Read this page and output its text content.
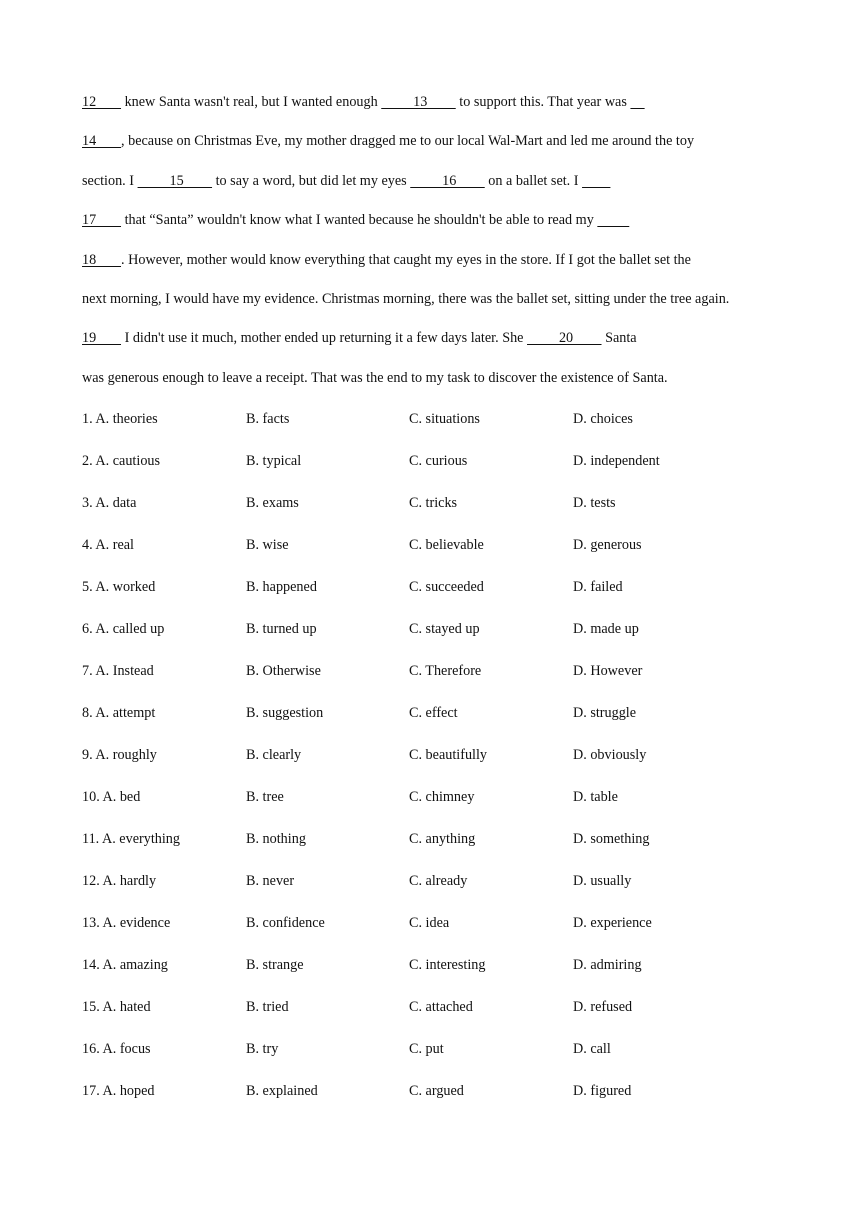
12        knew Santa wasn't real, but I wanted enough          13         to support this. That year was
14       , because on Christmas Eve, my mother dragged me to our local Wal-Mart and led me around the toy
section. I          15         to say a word, but did let my eyes          16         on a ballet set. I
17        that “Santa” wouldn't know what I wanted because he shouldn't be able to read my
18       . However, mother would know everything that caught my eyes in the store. If I got the ballet set the
next morning, I would have my evidence. Christmas morning, there was the ballet set, sitting under the tree again.
19        I didn't use it much, mother ended up returning it a few days later. She          20         Santa
was generous enough to leave a receipt. That was the end to my task to discover the existence of Santa.
1. A. theories	B. facts	C. situations	D. choices
2. A. cautious	B. typical	C. curious	D. independent
3. A. data	B. exams	C. tricks	D. tests
4. A. real	B. wise	C. believable	D. generous
5. A. worked	B. happened	C. succeeded	D. failed
6. A. called up	B. turned up	C. stayed up	D. made up
7. A. Instead	B. Otherwise	C. Therefore	D. However
8. A. attempt	B. suggestion	C. effect	D. struggle
9. A. roughly	B. clearly	C. beautifully	D. obviously
10. A. bed	B. tree	C. chimney	D. table
11. A. everything	B. nothing	C. anything	D. something
12. A. hardly	B. never	C. already	D. usually
13. A. evidence	B. confidence	C. idea	D. experience
14. A. amazing	B. strange	C. interesting	D. admiring
15. A. hated	B. tried	C. attached	D. refused
16. A. focus	B. try	C. put	D. call
17. A. hoped	B. explained	C. argued	D. figured
